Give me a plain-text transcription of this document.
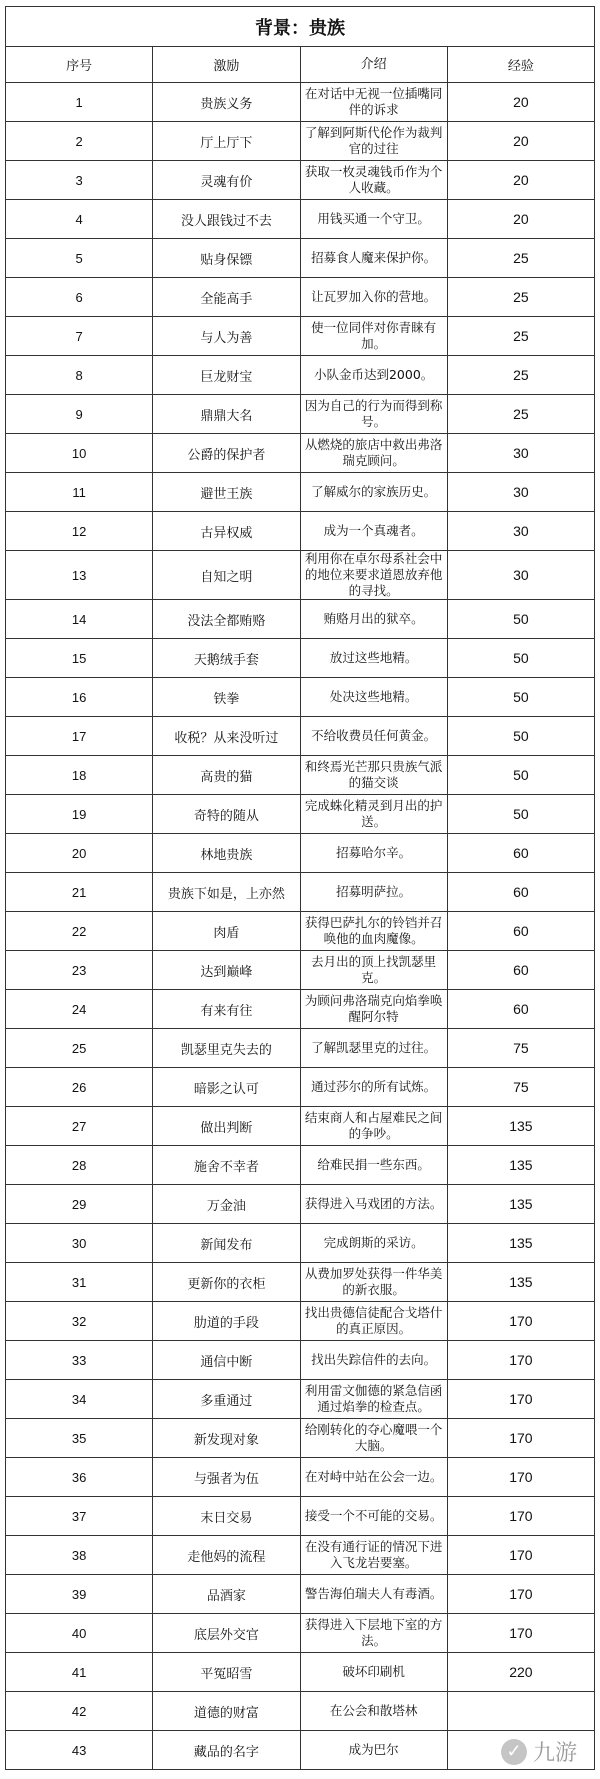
背景：贵族			
序号	激励	介绍	经验
1	贵族义务	在对话中无视一位插嘴同伴的诉求	20
2	厅上厅下	了解到阿斯代伦作为裁判官的过往	20
3	灵魂有价	获取一枚灵魂钱币作为个人收藏。	20
4	没人跟钱过不去	用钱买通一个守卫。	20
5	贴身保镖	招募食人魔来保护你。	25
6	全能高手	让瓦罗加入你的营地。	25
7	与人为善	使一位同伴对你青睐有加。	25
8	巨龙财宝	小队金币达到2000。	25
9	鼎鼎大名	因为自己的行为而得到称号。	25
10	公爵的保护者	从燃烧的旅店中救出弗洛瑞克顾问。	30
11	避世王族	了解威尔的家族历史。	30
12	古异权威	成为一个真魂者。	30
13	自知之明	利用你在卓尔母系社会中的地位来要求道恩放弃他的寻找。	30
14	没法全都贿赂	贿赂月出的狱卒。	50
15	天鹅绒手套	放过这些地精。	50
16	铁拳	处决这些地精。	50
17	收税？从来没听过	不给收费员任何黄金。	50
18	高贵的猫	和终焉光芒那只贵族气派的猫交谈	50
19	奇特的随从	完成蛛化精灵到月出的护送。	50
20	林地贵族	招募哈尔辛。	60
21	贵族下如是，上亦然	招募明萨拉。	60
22	肉盾	获得巴萨扎尔的铃铛并召唤他的血肉魔像。	60
23	达到巅峰	去月出的顶上找凯瑟里克。	60
24	有来有往	为顾问弗洛瑞克向焰拳唤醒阿尔特	60
25	凯瑟里克失去的	了解凯瑟里克的过往。	75
26	暗影之认可	通过莎尔的所有试炼。	75
27	做出判断	结束商人和占屋难民之间的争吵。	135
28	施舍不幸者	给难民捐一些东西。	135
29	万金油	获得进入马戏团的方法。	135
30	新闻发布	完成朗斯的采访。	135
31	更新你的衣柜	从费加罗处获得一件华美的新衣服。	135
32	肋道的手段	找出贵德信徒配合戈塔什的真正原因。	170
33	通信中断	找出失踪信件的去向。	170
34	多重通过	利用雷文伽德的紧急信函通过焰拳的检查点。	170
35	新发现对象	给刚转化的夺心魔喂一个大脑。	170
36	与强者为伍	在对峙中站在公会一边。	170
37	末日交易	接受一个不可能的交易。	170
38	走他妈的流程	在没有通行证的情况下进入飞龙岩要塞。	170
39	品酒家	警告海伯瑞夫人有毒酒。	170
40	底层外交官	获得进入下层地下室的方法。	170
41	平冤昭雪	破坏印刷机	220
42	道德的财富	在公会和散塔林	
43	藏品的名字	成为巴尔		✓ 九游
